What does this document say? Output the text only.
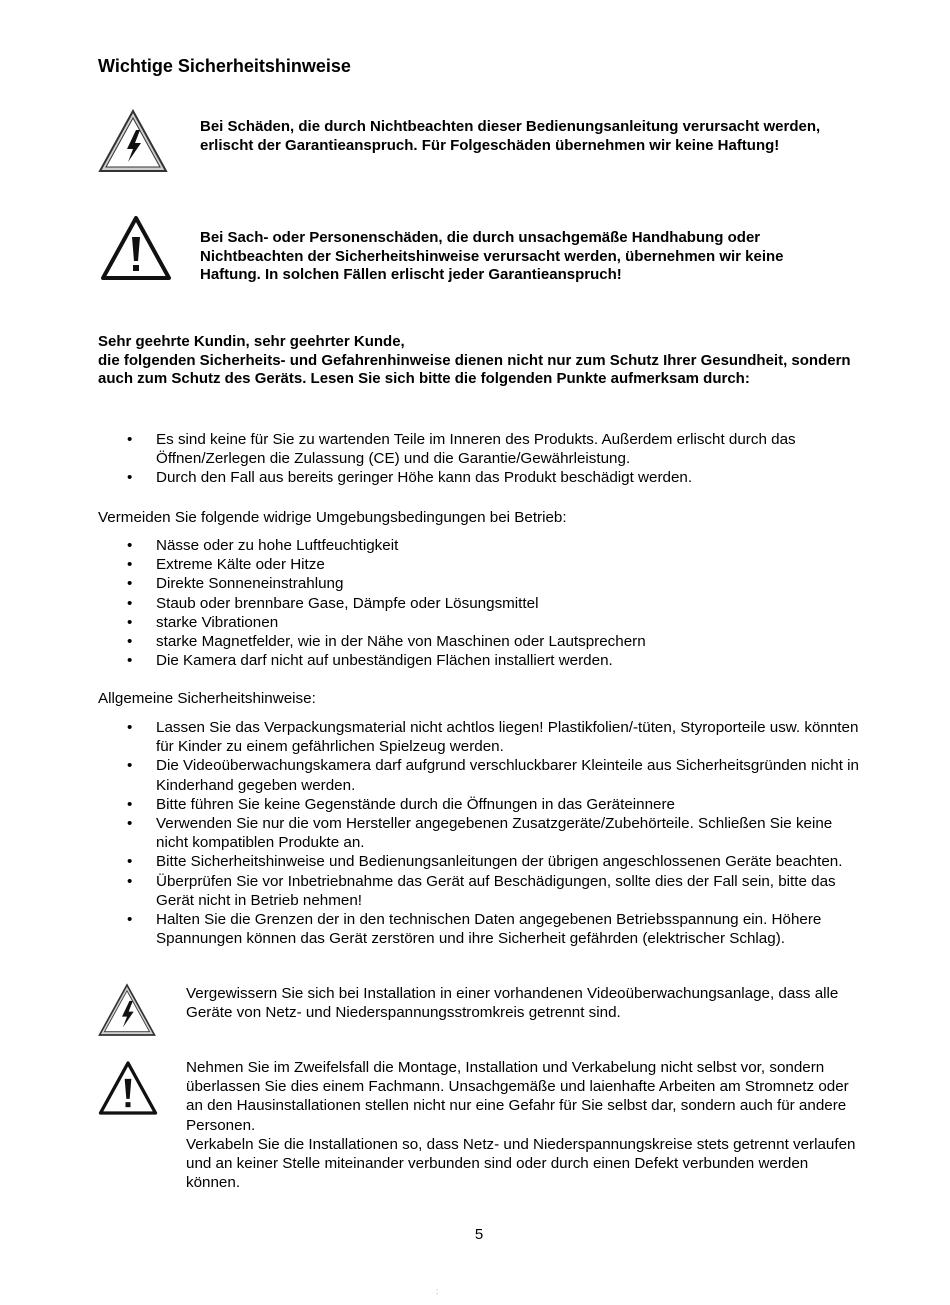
Wichtige Sicherheitshinweise
Bei Schäden, die durch Nichtbeachten dieser Bedienungsanleitung verursacht werden, erlischt der Garantieanspruch. Für Folgeschäden übernehmen wir keine Haftung!
Bei Sach- oder Personenschäden, die durch unsachgemäße Handhabung oder Nichtbeachten der Sicherheitshinweise verursacht werden, übernehmen wir keine Haftung. In solchen Fällen erlischt jeder Garantieanspruch!
Sehr geehrte Kundin, sehr geehrter Kunde,
die folgenden Sicherheits- und Gefahrenhinweise dienen nicht nur zum Schutz Ihrer Gesundheit, sondern auch zum Schutz des Geräts. Lesen Sie sich bitte die folgenden Punkte aufmerksam durch:
• Es sind keine für Sie zu wartenden Teile im Inneren des Produkts. Außerdem erlischt durch das Öffnen/Zerlegen die Zulassung (CE) und die Garantie/Gewährleistung.
• Durch den Fall aus bereits geringer Höhe kann das Produkt beschädigt werden.
Vermeiden Sie folgende widrige Umgebungsbedingungen bei Betrieb:
• Nässe oder zu hohe Luftfeuchtigkeit
• Extreme Kälte oder Hitze
• Direkte Sonneneinstrahlung
• Staub oder brennbare Gase, Dämpfe oder Lösungsmittel
• starke Vibrationen
• starke Magnetfelder, wie in der Nähe von Maschinen oder Lautsprechern
• Die Kamera darf nicht auf unbeständigen Flächen installiert werden.
Allgemeine Sicherheitshinweise:
• Lassen Sie das Verpackungsmaterial nicht achtlos liegen! Plastikfolien/-tüten, Styroporteile usw. könnten für Kinder zu einem gefährlichen Spielzeug werden.
• Die Videoüberwachungskamera darf aufgrund verschluckbarer Kleinteile aus Sicherheitsgründen nicht in Kinderhand gegeben werden.
• Bitte führen Sie keine Gegenstände durch die Öffnungen in das Geräteinnere
• Verwenden Sie nur die vom Hersteller angegebenen Zusatzgeräte/Zubehörteile. Schließen Sie keine nicht kompatiblen Produkte an.
• Bitte Sicherheitshinweise und Bedienungsanleitungen der übrigen angeschlossenen Geräte beachten.
• Überprüfen Sie vor Inbetriebnahme das Gerät auf Beschädigungen, sollte dies der Fall sein, bitte das Gerät nicht in Betrieb nehmen!
• Halten Sie die Grenzen der in den technischen Daten angegebenen Betriebsspannung ein. Höhere Spannungen können das Gerät zerstören und ihre Sicherheit gefährden (elektrischer Schlag).
Vergewissern Sie sich bei Installation in einer vorhandenen Videoüberwachungsanlage, dass alle Geräte von Netz- und Niederspannungsstromkreis getrennt sind.
Nehmen Sie im Zweifelsfall die Montage, Installation und Verkabelung nicht selbst vor, sondern überlassen Sie dies einem Fachmann. Unsachgemäße und laienhafte Arbeiten am Stromnetz oder an den Hausinstallationen stellen nicht nur eine Gefahr für Sie selbst dar, sondern auch für andere Personen.
Verkabeln Sie die Installationen so, dass Netz- und Niederspannungskreise stets getrennt verlaufen und an keiner Stelle miteinander verbunden sind oder durch einen Defekt verbunden werden können.
5
:
